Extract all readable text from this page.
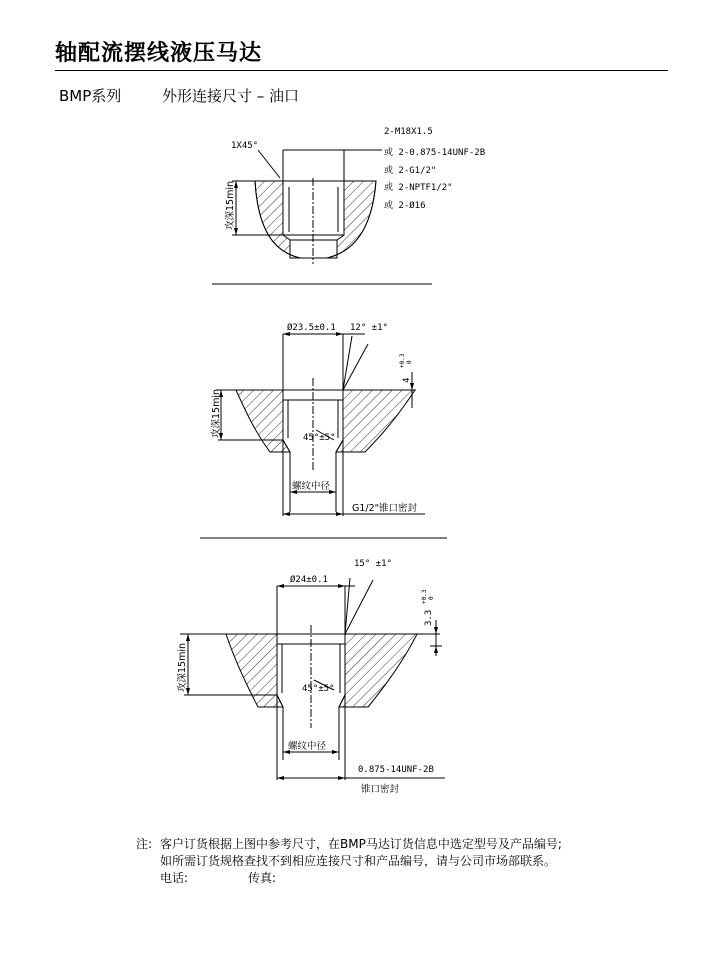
轴配流摆线液压马达
BMP系列	外形连接尺寸 – 油口
1X45°
2-M18X1.5
或 2-0.875-14UNF-2B
或 2-G1/2"
或 2-NPTF1/2"
或 2-Ø16
攻深15min
Ø23.5±0.1 12° ±1°
4
+0.3 0
攻深15min	45°±5°
螺纹中径
G1/2"锥口密封
15° ±1°
Ø24±0.1
3.3
+0.3 0
攻深15min	45°±5°
螺纹中径
0.875-14UNF-2B
锥口密封
注: 客户订货根据上图中参考尺寸，在BMP马达订货信息中选定型号及产品编号;
如所需订货规格查找不到相应连接尺寸和产品编号，请与公司市场部联系。
电话:	传真:
